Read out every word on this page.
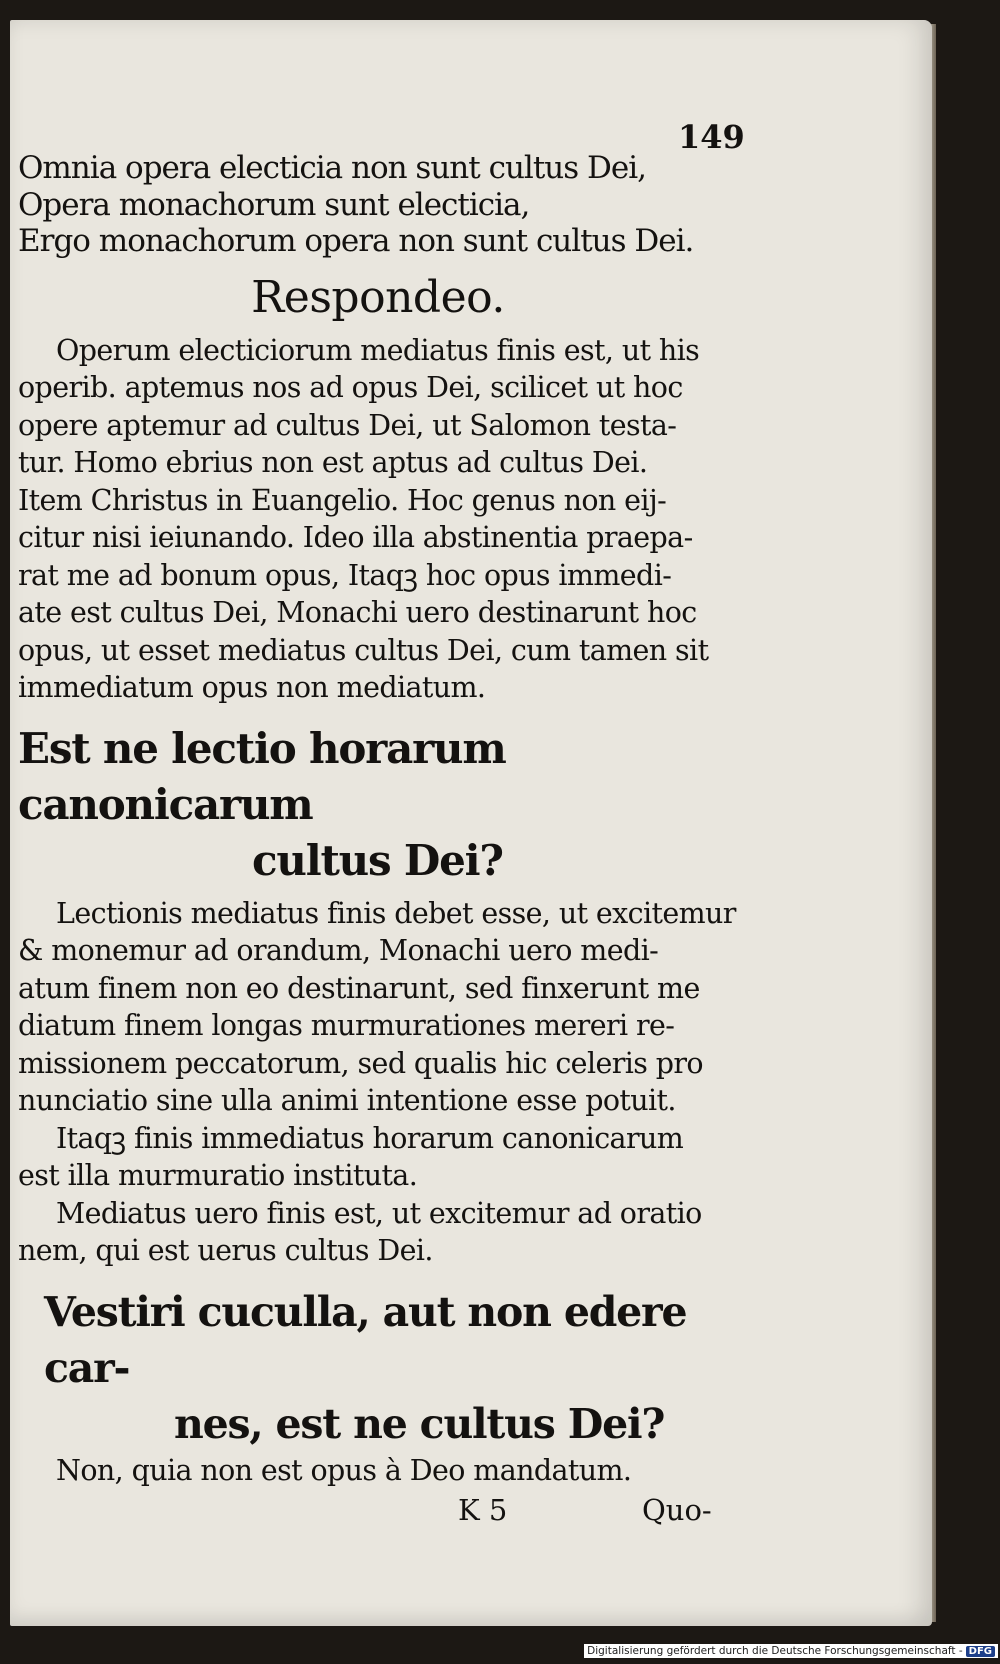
149
Omnia opera electicia non sunt cultus Dei,
Opera monachorum sunt electicia,
Ergo monachorum opera non sunt cultus Dei.
Respondeo.
Operum electiciorum mediatus finis est, ut his
operib. aptemus nos ad opus Dei, scilicet ut hoc
opere aptemur ad cultus Dei, ut Salomon testa-
tur. Homo ebrius non est aptus ad cultus Dei.
Item Christus in Euangelio. Hoc genus non eij-
citur nisi ieiunando. Ideo illa abstinentia praepa-
rat me ad bonum opus, Itaqꝫ hoc opus immedi-
ate est cultus Dei, Monachi uero destinarunt hoc
opus, ut esset mediatus cultus Dei, cum tamen sit
immediatum opus non mediatum.
Est ne lectio horarum canonicarum
cultus Dei?
Lectionis mediatus finis debet esse, ut excitemur
& monemur ad orandum, Monachi uero medi-
atum finem non eo destinarunt, sed finxerunt me
diatum finem longas murmurationes mereri re-
missionem peccatorum, sed qualis hic celeris pro
nunciatio sine ulla animi intentione esse potuit.
Itaqꝫ finis immediatus horarum canonicarum
est illa murmuratio instituta.
Mediatus uero finis est, ut excitemur ad oratio
nem, qui est uerus cultus Dei.
Vestiri cuculla, aut non edere car-
nes, est ne cultus Dei?
Non, quia non est opus à Deo mandatum.
K 5	Quo-
Digitalisierung gefördert durch die Deutsche Forschungsgemeinschaft - DFG
